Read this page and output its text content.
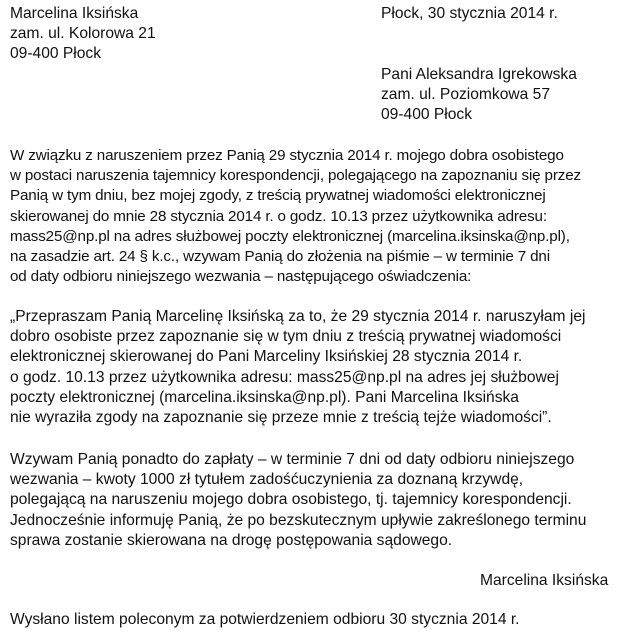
Marcelina Iksińska
zam. ul. Kolorowa 21
09-400 Płock
Płock, 30 stycznia 2014 r.
Pani Aleksandra Igrekowska
zam. ul. Poziomkowa 57
09-400 Płock
W związku z naruszeniem przez Panią 29 stycznia 2014 r. mojego dobra osobistego
w postaci naruszenia tajemnicy korespondencji, polegającego na zapoznaniu się przez
Panią w tym dniu, bez mojej zgody, z treścią prywatnej wiadomości elektronicznej
skierowanej do mnie 28 stycznia 2014 r. o godz. 10.13 przez użytkownika adresu:
mass25@np.pl na adres służbowej poczty elektronicznej (marcelina.iksinska@np.pl),
na zasadzie art. 24 § k.c., wzywam Panią do złożenia na piśmie – w terminie 7 dni
od daty odbioru niniejszego wezwania – następującego oświadczenia:
„Przepraszam Panią Marcelinę Iksińską za to, że 29 stycznia 2014 r. naruszyłam jej
dobro osobiste przez zapoznanie się w tym dniu z treścią prywatnej wiadomości
elektronicznej skierowanej do Pani Marceliny Iksińskiej 28 stycznia 2014 r.
o godz. 10.13 przez użytkownika adresu: mass25@np.pl na adres jej służbowej
poczty elektronicznej (marcelina.iksinska@np.pl). Pani Marcelina Iksińska
nie wyraziła zgody na zapoznanie się przeze mnie z treścią tejże wiadomości”.
Wzywam Panią ponadto do zapłaty – w terminie 7 dni od daty odbioru niniejszego
wezwania – kwoty 1000 zł tytułem zadośćuczynienia za doznaną krzywdę,
polegającą na naruszeniu mojego dobra osobistego, tj. tajemnicy korespondencji.
Jednocześnie informuję Panią, że po bezskutecznym upływie zakreślonego terminu
sprawa zostanie skierowana na drogę postępowania sądowego.
Marcelina Iksińska
Wysłano listem poleconym za potwierdzeniem odbioru 30 stycznia 2014 r.
